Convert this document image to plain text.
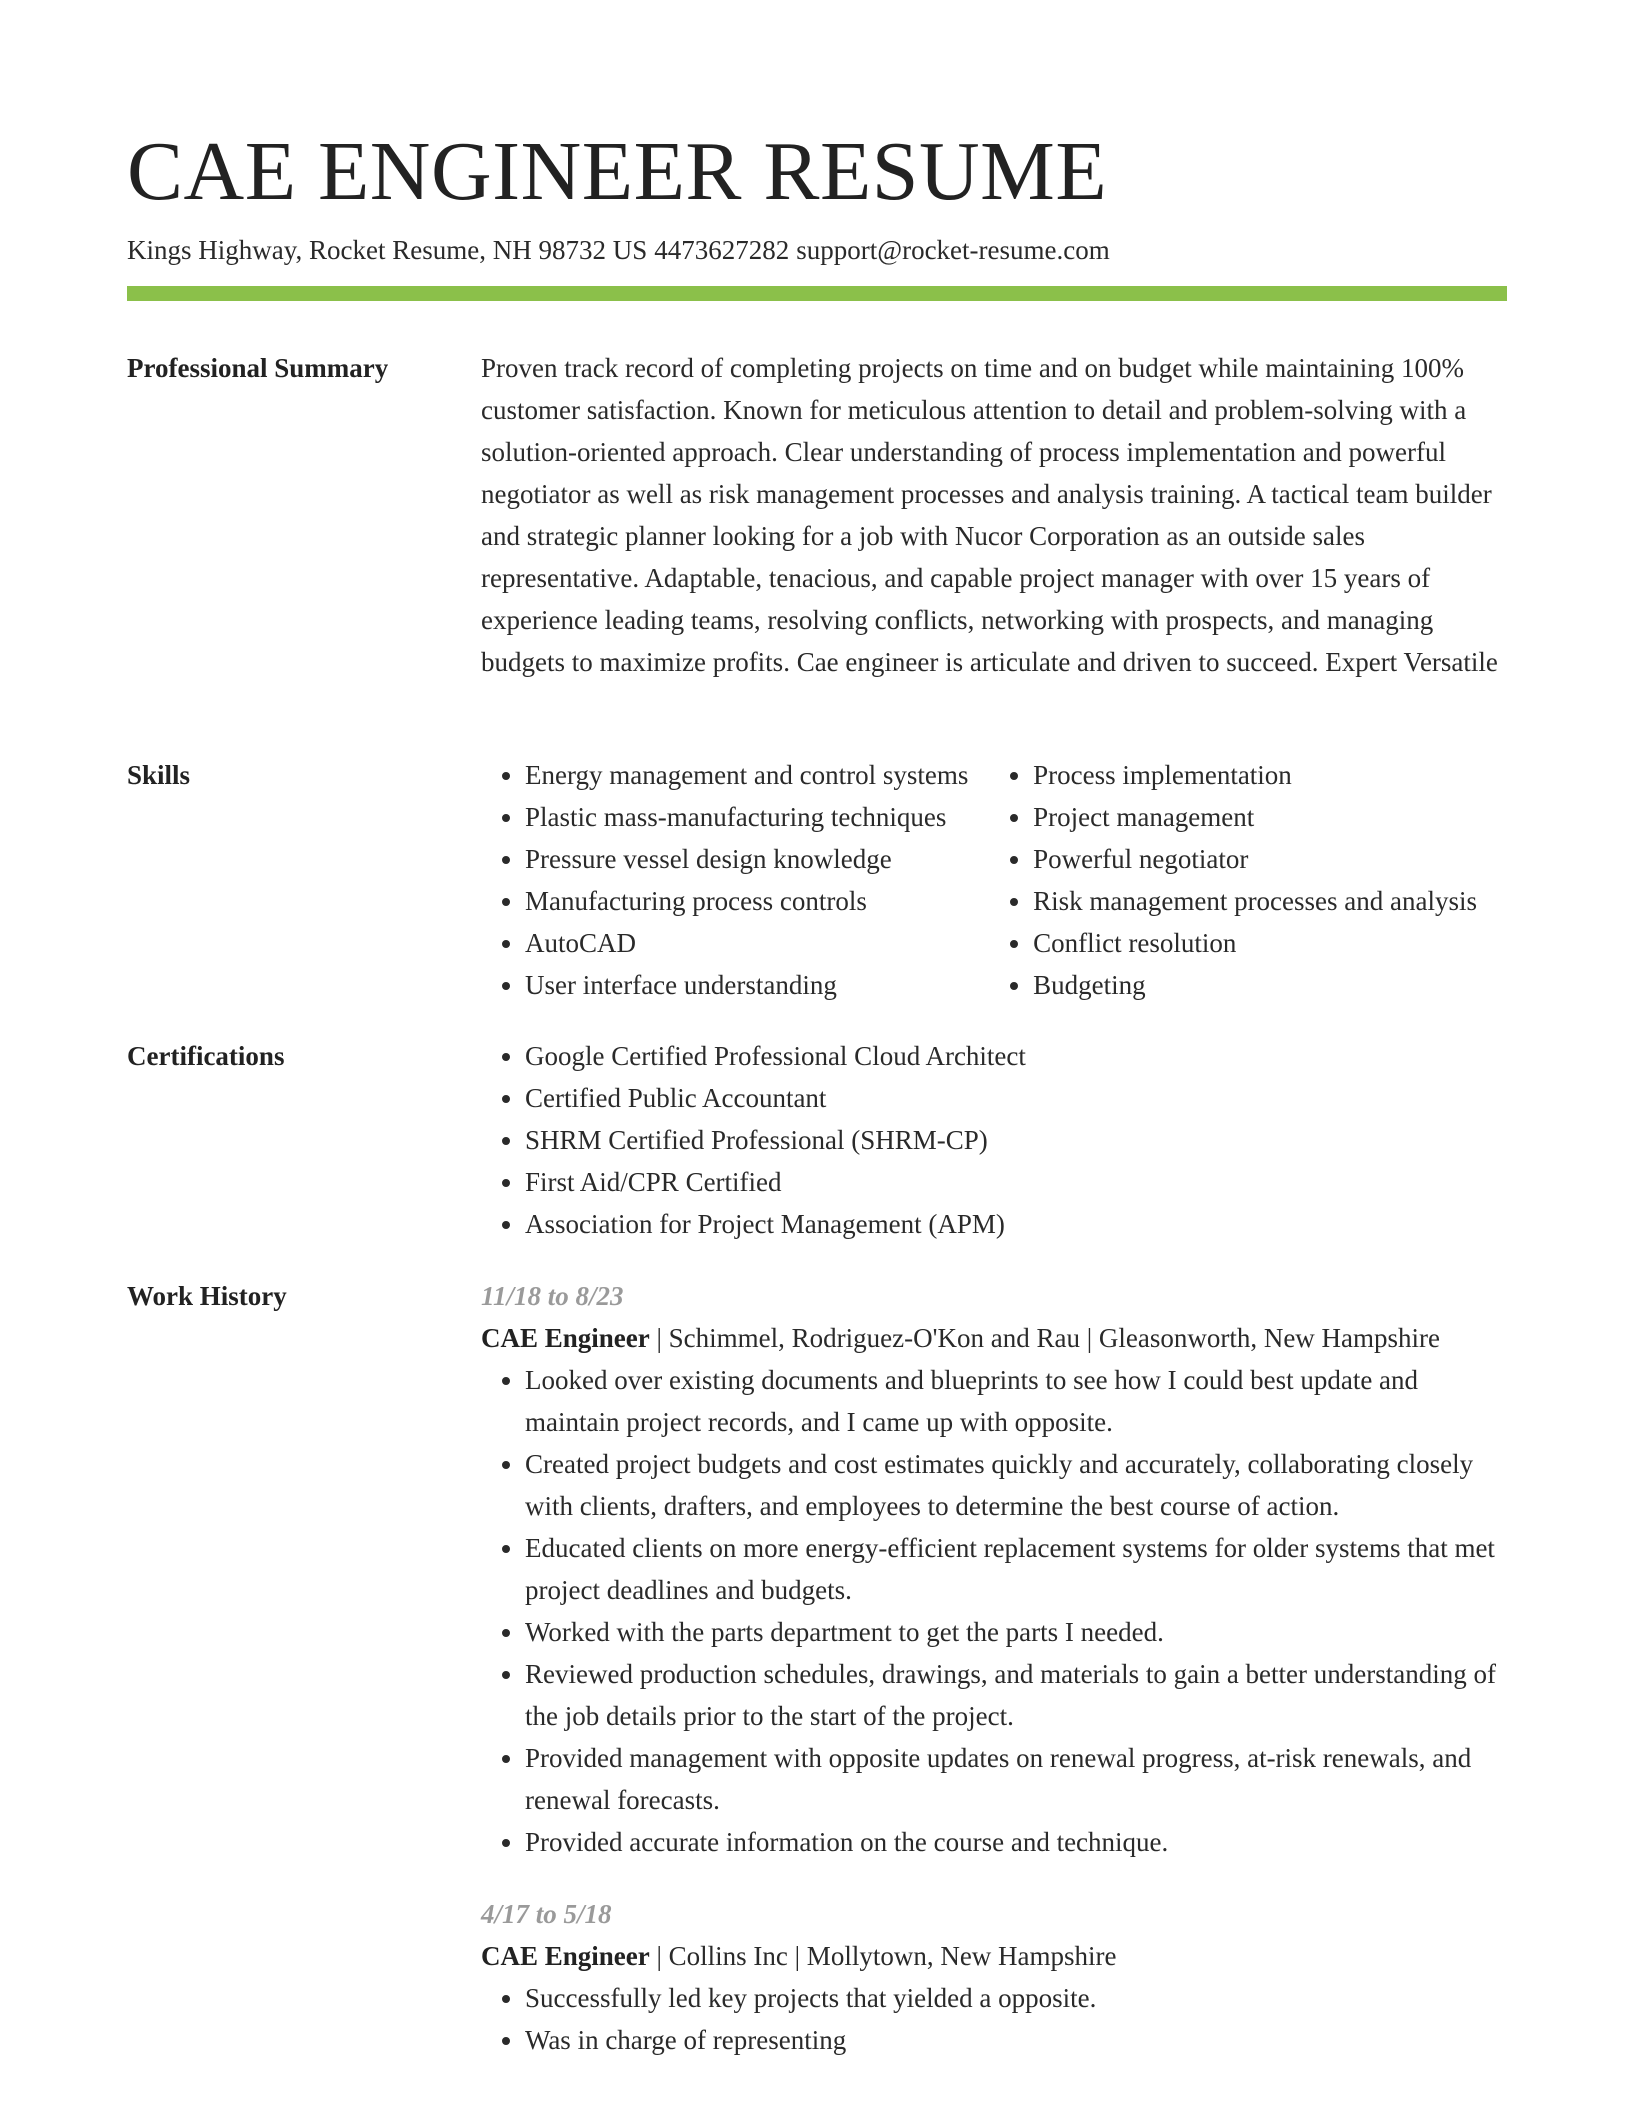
CAE ENGINEER RESUME
Kings Highway, Rocket Resume, NH 98732 US 4473627282 support@rocket-resume.com
Professional Summary	Proven track record of completing projects on time and on budget while maintaining 100% customer satisfaction. Known for meticulous attention to detail and problem-solving with a solution-oriented approach. Clear understanding of process implementation and powerful negotiator as well as risk management processes and analysis training. A tactical team builder and strategic planner looking for a job with Nucor Corporation as an outside sales representative. Adaptable, tenacious, and capable project manager with over 15 years of experience leading teams, resolving conflicts, networking with prospects, and managing budgets to maximize profits. Cae engineer is articulate and driven to succeed. Expert Versatile

Skills	• Energy management and control systems
• Plastic mass-manufacturing techniques
• Pressure vessel design knowledge
• Manufacturing process controls
• AutoCAD
• User interface understanding
• Process implementation
• Project management
• Powerful negotiator
• Risk management processes and analysis
• Conflict resolution
• Budgeting
Certifications	• Google Certified Professional Cloud Architect
• Certified Public Accountant
• SHRM Certified Professional (SHRM-CP)
• First Aid/CPR Certified
• Association for Project Management (APM)
Work History	11/18 to 8/23
CAE Engineer | Schimmel, Rodriguez-O'Kon and Rau | Gleasonworth, New Hampshire
• Looked over existing documents and blueprints to see how I could best update and maintain project records, and I came up with opposite.
• Created project budgets and cost estimates quickly and accurately, collaborating closely with clients, drafters, and employees to determine the best course of action.
• Educated clients on more energy-efficient replacement systems for older systems that met project deadlines and budgets.
• Worked with the parts department to get the parts I needed.
• Reviewed production schedules, drawings, and materials to gain a better understanding of the job details prior to the start of the project.
• Provided management with opposite updates on renewal progress, at-risk renewals, and renewal forecasts.
• Provided accurate information on the course and technique.
4/17 to 5/18
CAE Engineer | Collins Inc | Mollytown, New Hampshire
• Successfully led key projects that yielded a opposite.
• Was in charge of representing
